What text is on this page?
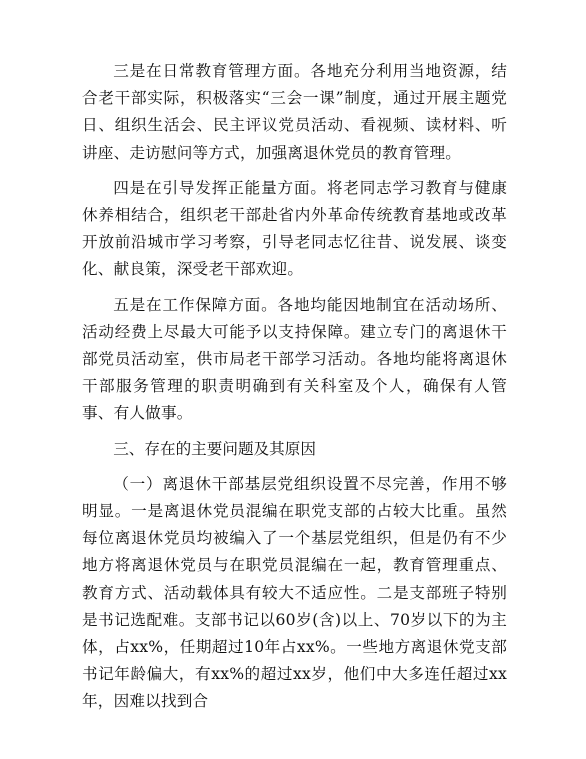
三是在日常教育管理方面。各地充分利用当地资源，结合老干部实际，积极落实“三会一课”制度，通过开展主题党日、组织生活会、民主评议党员活动、看视频、读材料、听讲座、走访慰问等方式，加强离退休党员的教育管理。

四是在引导发挥正能量方面。将老同志学习教育与健康休养相结合，组织老干部赴省内外革命传统教育基地或改革开放前沿城市学习考察，引导老同志忆往昔、说发展、谈变化、献良策，深受老干部欢迎。

五是在工作保障方面。各地均能因地制宜在活动场所、活动经费上尽最大可能予以支持保障。建立专门的离退休干部党员活动室，供市局老干部学习活动。各地均能将离退休干部服务管理的职责明确到有关科室及个人，确保有人管事、有人做事。

三、存在的主要问题及其原因

（一）离退休干部基层党组织设置不尽完善，作用不够明显。一是离退休党员混编在职党支部的占较大比重。虽然每位离退休党员均被编入了一个基层党组织，但是仍有不少地方将离退休党员与在职党员混编在一起，教育管理重点、教育方式、活动载体具有较大不适应性。二是支部班子特别是书记选配难。支部书记以60岁(含)以上、70岁以下的为主体，占xx%，任期超过10年占xx%。一些地方离退休党支部书记年龄偏大，有xx%的超过xx岁，他们中大多连任超过xx年，因难以找到合
